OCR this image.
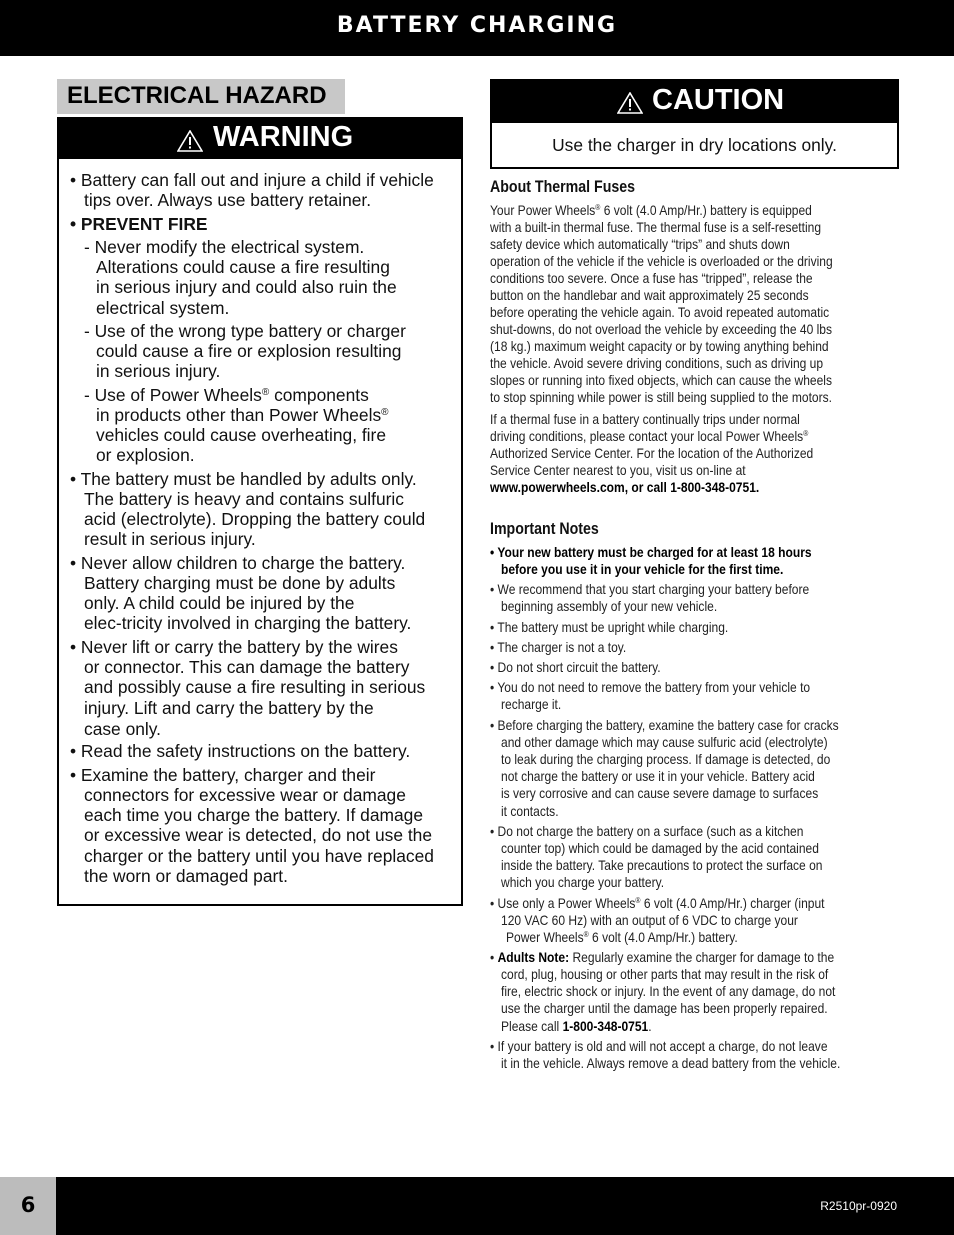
BATTERY CHARGING
ELECTRICAL HAZARD
WARNING
• Battery can fall out and injure a child if vehicle
tips over. Always use battery retainer.
• PREVENT FIRE
- Never modify the electrical system.
Alterations could cause a fire resulting
in serious injury and could also ruin the
electrical system.
- Use of the wrong type battery or charger
could cause a fire or explosion resulting
in serious injury.
- Use of Power Wheels® components
in products other than Power Wheels®
vehicles could cause overheating, fire
or explosion.
• The battery must be handled by adults only.
The battery is heavy and contains sulfuric
acid (electrolyte). Dropping the battery could
result in serious injury.
• Never allow children to charge the battery.
Battery charging must be done by adults
only. A child could be injured by the
elec-tricity involved in charging the battery.
• Never lift or carry the battery by the wires
or connector. This can damage the battery
and possibly cause a fire resulting in serious
injury. Lift and carry the battery by the
case only.
• Read the safety instructions on the battery.
• Examine the battery, charger and their
connectors for excessive wear or damage
each time you charge the battery. If damage
or excessive wear is detected, do not use the
charger or the battery until you have replaced
the worn or damaged part.
CAUTION
Use the charger in dry locations only.
About Thermal Fuses
Your Power Wheels® 6 volt (4.0 Amp/Hr.) battery is equipped
with a built-in thermal fuse. The thermal fuse is a self-resetting
safety device which automatically “trips” and shuts down
operation of the vehicle if the vehicle is overloaded or the driving
conditions too severe. Once a fuse has “tripped”, release the
button on the handlebar and wait approximately 25 seconds
before operating the vehicle again. To avoid repeated automatic
shut-downs, do not overload the vehicle by exceeding the 40 lbs
(18 kg.) maximum weight capacity or by towing anything behind
the vehicle. Avoid severe driving conditions, such as driving up
slopes or running into fixed objects, which can cause the wheels
to stop spinning while power is still being supplied to the motors.
If a thermal fuse in a battery continually trips under normal
driving conditions, please contact your local Power Wheels®
Authorized Service Center. For the location of the Authorized
Service Center nearest to you, visit us on-line at
www.powerwheels.com, or call 1-800-348-0751.
Important Notes
• Your new battery must be charged for at least 18 hours
before you use it in your vehicle for the first time.
• We recommend that you start charging your battery before
beginning assembly of your new vehicle.
• The battery must be upright while charging.
• The charger is not a toy.
• Do not short circuit the battery.
• You do not need to remove the battery from your vehicle to
recharge it.
• Before charging the battery, examine the battery case for cracks
and other damage which may cause sulfuric acid (electrolyte)
to leak during the charging process. If damage is detected, do
not charge the battery or use it in your vehicle. Battery acid
is very corrosive and can cause severe damage to surfaces
it contacts.
• Do not charge the battery on a surface (such as a kitchen
counter top) which could be damaged by the acid contained
inside the battery. Take precautions to protect the surface on
which you charge your battery.
• Use only a Power Wheels® 6 volt (4.0 Amp/Hr.) charger (input
120 VAC 60 Hz) with an output of 6 VDC to charge your
Power Wheels® 6 volt (4.0 Amp/Hr.) battery.
• Adults Note: Regularly examine the charger for damage to the
cord, plug, housing or other parts that may result in the risk of
fire, electric shock or injury. In the event of any damage, do not
use the charger until the damage has been properly repaired.
Please call 1-800-348-0751.
• If your battery is old and will not accept a charge, do not leave
it in the vehicle. Always remove a dead battery from the vehicle.
6	R2510pr-0920
